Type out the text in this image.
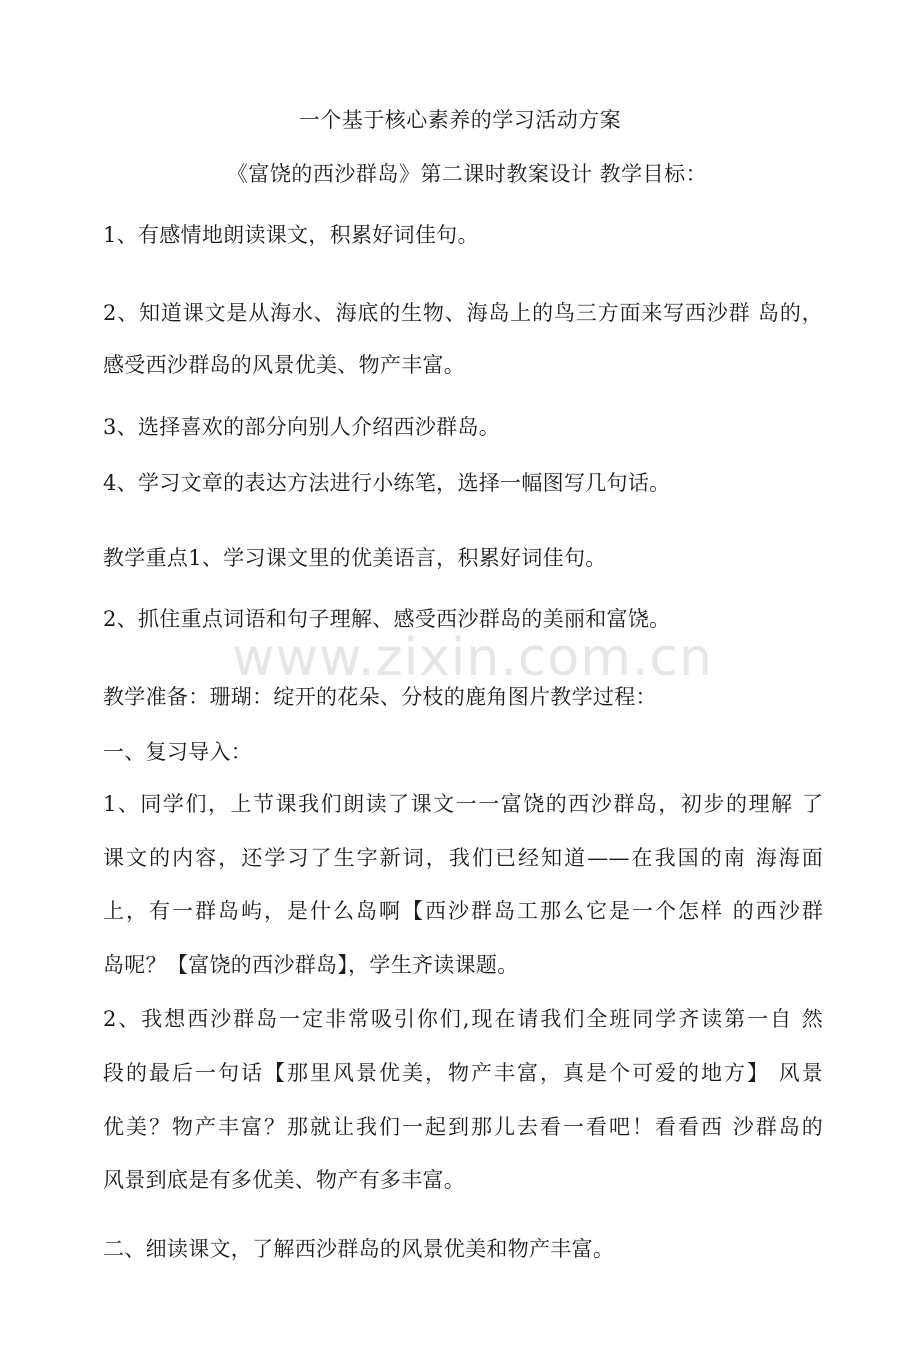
www.zixin.com.cn
一个基于核心素养的学习活动方案
《富饶的西沙群岛》第二课时教案设计 教学目标：
1、有感情地朗读课文，积累好词佳句。
2、知道课文是从海水、海底的生物、海岛上的鸟三方面来写西沙群 岛的，
感受西沙群岛的风景优美、物产丰富。
3、选择喜欢的部分向别人介绍西沙群岛。
4、学习文章的表达方法进行小练笔，选择一幅图写几句话。
教学重点1、学习课文里的优美语言，积累好词佳句。
2、抓住重点词语和句子理解、感受西沙群岛的美丽和富饶。
教学准备：珊瑚：绽开的花朵、分枝的鹿角图片教学过程：
一、复习导入：
1、同学们，上节课我们朗读了课文一一富饶的西沙群岛，初步的理解 了
课文的内容，还学习了生字新词，我们已经知道——在我国的南 海海面
上，有一群岛屿，是什么岛啊【西沙群岛工那么它是一个怎样 的西沙群
岛呢？【富饶的西沙群岛】，学生齐读课题。
2、我想西沙群岛一定非常吸引你们,现在请我们全班同学齐读第一自 然
段的最后一句话【那里风景优美，物产丰富，真是个可爱的地方】 风景
优美？物产丰富？那就让我们一起到那儿去看一看吧！看看西 沙群岛的
风景到底是有多优美、物产有多丰富。
二、细读课文，了解西沙群岛的风景优美和物产丰富。
